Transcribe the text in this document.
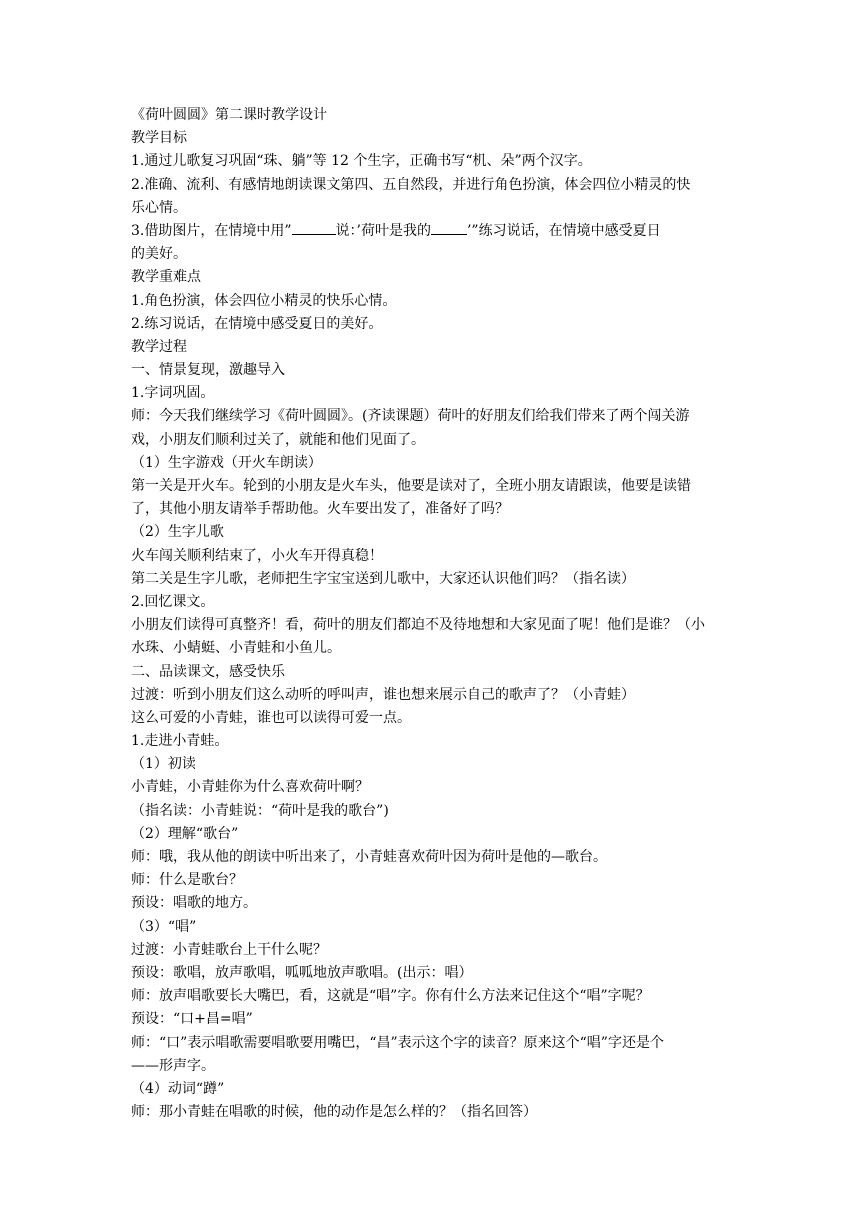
《荷叶圆圆》第二课时教学设计
教学目标
1.通过儿歌复习巩固“珠、躺”等 12 个生字，正确书写“机、朵”两个汉字。
2.准确、流利、有感情地朗读课文第四、五自然段，并进行角色扮演，体会四位小精灵的快
乐心情。
3.借助图片，在情境中用”	说：’荷叶是我的	’”练习说话，在情境中感受夏日
的美好。
教学重难点
1.角色扮演，体会四位小精灵的快乐心情。
2.练习说话，在情境中感受夏日的美好。
教学过程
一、情景复现，激趣导入
1.字词巩固。
师：今天我们继续学习《荷叶圆圆》。(齐读课题）荷叶的好朋友们给我们带来了两个闯关游
戏，小朋友们顺利过关了，就能和他们见面了。
（1）生字游戏（开火车朗读）
第一关是开火车。轮到的小朋友是火车头，他要是读对了，全班小朋友请跟读，他要是读错
了，其他小朋友请举手帮助他。火车要出发了，准备好了吗？
（2）生字儿歌
火车闯关顺利结束了，小火车开得真稳！
第二关是生字儿歌，老师把生字宝宝送到儿歌中，大家还认识他们吗？（指名读）
2.回忆课文。
小朋友们读得可真整齐！看，荷叶的朋友们都迫不及待地想和大家见面了呢！他们是谁？（小
水珠、小蜻蜓、小青蛙和小鱼儿。
二、品读课文，感受快乐
过渡：听到小朋友们这么动听的呼叫声，谁也想来展示自己的歌声了？（小青蛙）
这么可爱的小青蛙，谁也可以读得可爱一点。
1.走进小青蛙。
（1）初读
小青蛙，小青蛙你为什么喜欢荷叶啊？
（指名读：小青蛙说：“荷叶是我的歌台”)
（2）理解“歌台”
师：哦，我从他的朗读中听出来了，小青蛙喜欢荷叶因为荷叶是他的—歌台。
师：什么是歌台？
预设：唱歌的地方。
（3）“唱”
过渡：小青蛙歌台上干什么呢？
预设：歌唱，放声歌唱，呱呱地放声歌唱。(出示：唱）
师：放声唱歌要长大嘴巴，看，这就是“唱”字。你有什么方法来记住这个“唱”字呢？
预设：“口+昌=唱”
师：“口”表示唱歌需要唱歌要用嘴巴，“昌”表示这个字的读音？原来这个“唱”字还是个
——形声字。
（4）动词“蹲”
师：那小青蛙在唱歌的时候，他的动作是怎么样的？（指名回答）
